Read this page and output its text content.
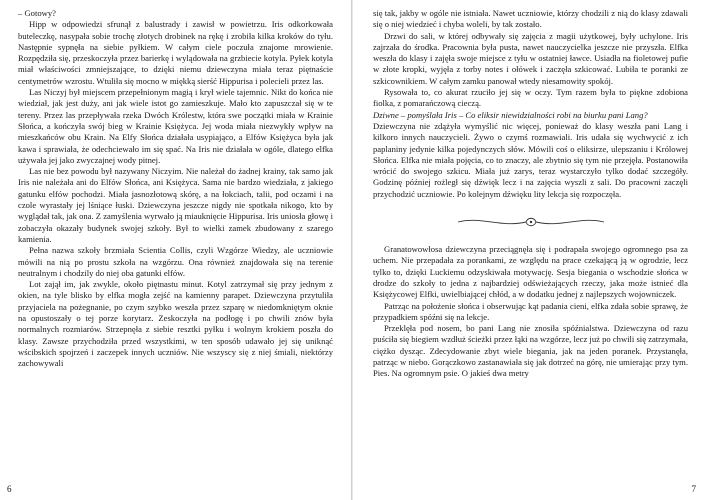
– Gotowy?

Hipp w odpowiedzi sfrunął z balustrady i zawisł w powietrzu. Iris odkorkowała buteleczkę, nasypała sobie trochę złotych drobinek na rękę i zrobiła kilka kroków do tyłu. Następnie sypnęła na siebie pyłkiem. W całym ciele poczuła znajome mrowienie. Rozpędziła się, przeskoczyła przez barierkę i wylądowała na grzbiecie kotyla. Pyłek kotyla miał właściwości zmniejszające, to dzięki niemu dziewczyna miała teraz piętnaście centymetrów wzrostu. Wtuliła się mocno w miękką sierść Hippurisa i polecieli przez las.

Las Niczyj był miejscem przepełnionym magią i krył wiele tajemnic. Nikt do końca nie wiedział, jak jest duży, ani jak wiele istot go zamieszkuje. Mało kto zapuszczał się w te tereny. Przez las przepływała rzeka Dwóch Królestw, która swe początki miała w Krainie Słońca, a kończyła swój bieg w Krainie Księżyca. Jej woda miała niezwykły wpływ na mieszkańców obu Krain. Na Elfy Słońca działała usypiająco, a Elfów Księżyca była jak kawa i sprawiała, że odechciewało im się spać. Na Iris nie działała w ogóle, dlatego elfka używała jej jako zwyczajnej wody pitnej.

Las nie bez powodu był nazywany Niczyim. Nie należał do żadnej krainy, tak samo jak Iris nie należała ani do Elfów Słońca, ani Księżyca. Sama nie bardzo wiedziała, z jakiego gatunku elfów pochodzi. Miała jasnozłotową skórę, a na łokciach, talii, pod oczami i na czole wyrastały jej lśniące łuski. Dziewczyna jeszcze nigdy nie spotkała nikogo, kto by wyglądał tak, jak ona. Z zamyślenia wyrwało ją miauknięcie Hippurisa. Iris uniosła głowę i zobaczyła okazały budynek swojej szkoły. Był to wielki zamek zbudowany z szarego kamienia.

Pełna nazwa szkoły brzmiała Scientia Collis, czyli Wzgórze Wiedzy, ale uczniowie mówili na nią po prostu szkoła na wzgórzu. Ona również znajdowała się na terenie neutralnym i chodzily do niej oba gatunki elfów.

Lot zajął im, jak zwykle, około piętnastu minut. Kotyl zatrzymał się przy jednym z okien, na tyle blisko by elfka mogła zejść na kamienny parapet. Dziewczyna przytuliła przyjaciela na pożegnanie, po czym szybko weszła przez szparę w niedomkniętym oknie na opustoszały o tej porze korytarz. Zeskoczyła na podłogę i po chwili znów była normalnych rozmiarów. Strzepnęła z siebie resztki pyłku i wolnym krokiem poszła do klasy. Zawsze przychodziła przed wszystkimi, w ten sposób udawało jej się uniknąć wścibskich spojrzeń i zaczepek innych uczniów. Nie wszyscy się z niej śmiali, niektórzy zachowywali

6

się tak, jakby w ogóle nie istniała. Nawet uczniowie, którzy chodzili z nią do klasy zdawali się o niej wiedzieć i chyba woleli, by tak zostało.

Drzwi do sali, w której odbywały się zajęcia z magii użytkowej, były uchylone. Iris zajrzała do środka. Pracownia była pusta, nawet nauczycielka jeszcze nie przyszła. Elfka weszła do klasy i zajęła swoje miejsce z tyłu w ostatniej ławce. Usiadła na fioletowej pufie w złote kropki, wyjęła z torby notes i ołówek i zaczęła szkicować. Lubiła te poranki ze szkicownikiem. W całym zamku panował wtedy niesamowity spokój.

Rysowała to, co akurat rzuciło jej się w oczy. Tym razem była to piękne zdobiona fiolka, z pomarańczową cieczą.

Dziwne – pomyślała Iris – Co eliksir niewidzialności robi na biurku pani Lang?

Dziewczyna nie zdążyła wymyślić nic więcej, ponieważ do klasy weszła pani Lang i kilkoro innych nauczycieli. Żywo o czymś rozmawiali. Iris udała się wychwycić z ich paplaniny jedynie kilka pojedynczych słów. Mówili coś o eliksirze, ulepszaniu i Królowej Słońca. Elfka nie miała pojęcia, co to znaczy, ale zbytnio się tym nie przejęła. Postanowiła wrócić do swojego szkicu. Miała już zarys, teraz wystarczyło tylko dodać szczegóły. Godzinę później rożległ się dźwięk lecz i na zajęcia wyszli z sali. Do pracowni zaczęli przychodzić uczniowie. Po kolejnym dźwięku lity lekcja się rozpoczęła.

Granatowowłosa dziewczyna przeciągnęła się i podrapała swojego ogromnego psa za uchem. Nie przepadała za porankami, ze względu na prace czekającą ją w ogrodzie, lecz tylko to, dzięki Luckiemu odzyskiwała motywację. Sesja biegania o wschodzie słońca w drodze do szkoły to jedna z najbardziej odświeżających rzeczy, jaka może istnieć dla Księżycowej Elfki, uwielbiającej chłód, a w dodatku jednej z najlepszych wojowniczek.

Patrząc na położenie słońca i obserwując kąt padania cieni, elfka zdała sobie sprawę, że przypadkiem spóźni się na lekcje.

Przeklęła pod nosem, bo pani Lang nie znosiła spóźnialstwa. Dziewczyna od razu puściła się biegiem wzdłuż ścieżki przez łąki na wzgórze, lecz już po chwili się zatrzymała, ciężko dysząc. Zdecydowanie zbyt wiele biegania, jak na jeden poranek. Przystanęła, patrząc w niebo. Gorączkowo zastanawiała się jak dotrzeć na górę, nie umierając przy tym. Pies. Na ogromnym psie. O jakieś dwa metry

7
